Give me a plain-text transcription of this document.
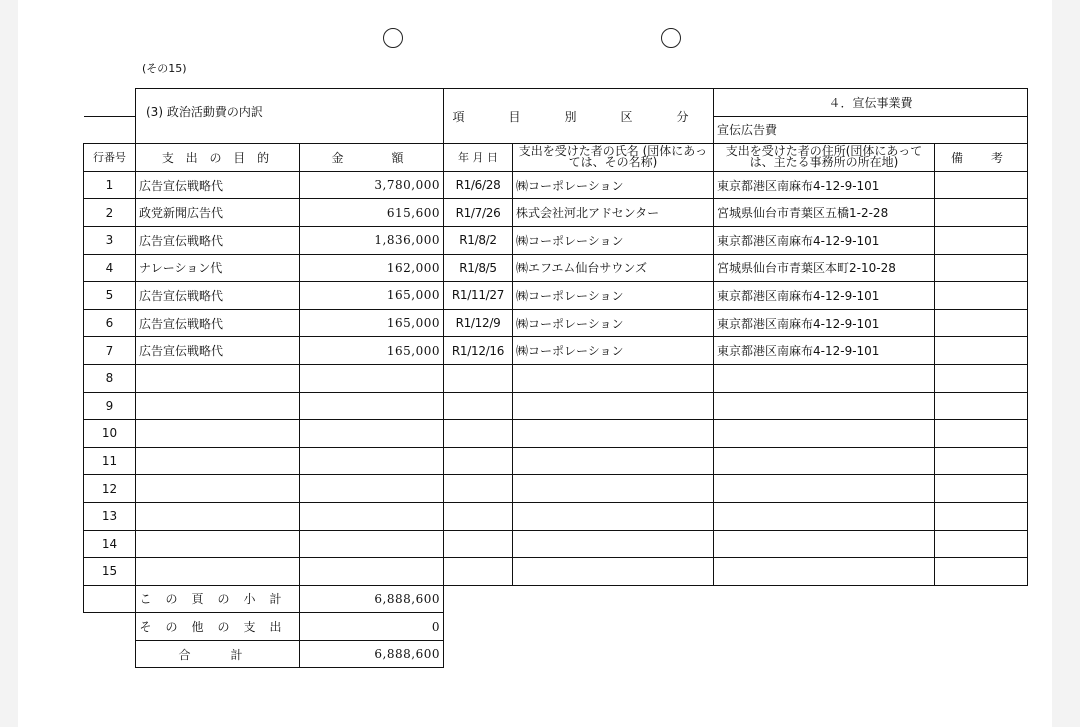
(その15)
	(3) 政治活動費の内訳		項　目　別　区　分		４．宣伝事業費	
					宣伝広告費	
行番号	支 出 の 目 的	金　　額	年 月 日	支出を受けた者の氏名 (団体にあっては、その名称)	支出を受けた者の住所(団体にあっては、主たる事務所の所在地)	備　考
1	広告宣伝戦略代	3,780,000	R1/6/28	㈱コーポレーション	東京都港区南麻布4-12-9-101	
2	政党新聞広告代	615,600	R1/7/26	株式会社河北アドセンター	宮城県仙台市青葉区五橋1-2-28	
3	広告宣伝戦略代	1,836,000	R1/8/2	㈱コーポレーション	東京都港区南麻布4-12-9-101	
4	ナレーション代	162,000	R1/8/5	㈱エフエム仙台サウンズ	宮城県仙台市青葉区本町2-10-28	
5	広告宣伝戦略代	165,000	R1/11/27	㈱コーポレーション	東京都港区南麻布4-12-9-101	
6	広告宣伝戦略代	165,000	R1/12/9	㈱コーポレーション	東京都港区南麻布4-12-9-101	
7	広告宣伝戦略代	165,000	R1/12/16	㈱コーポレーション	東京都港区南麻布4-12-9-101	
8						
9						
10						
11						
12						
13						
14						
15						
	この頁の小計	6,888,600				
	その他の支出	0				
	合　計	6,888,600				
